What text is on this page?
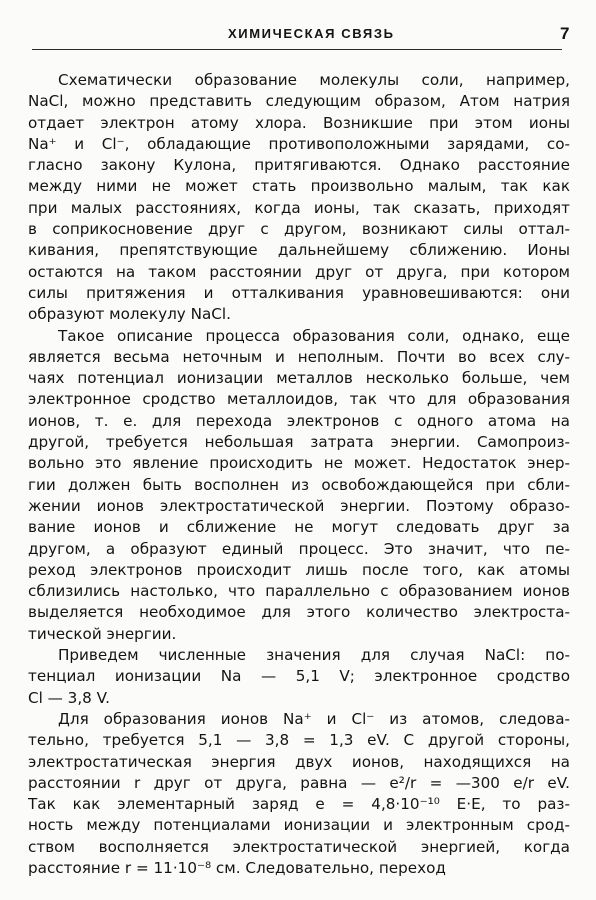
ХИМИЧЕСКАЯ СВЯЗЬ	7
Схематически образование молекулы соли, например,
NaCl, можно представить следующим образом, Атом натрия
отдает электрон атому хлора. Возникшие при этом ионы
Na⁺ и Cl⁻, обладающие противоположными зарядами, со-
гласно закону Кулона, притягиваются. Однако расстояние
между ними не может стать произвольно малым, так как
при малых расстояниях, когда ионы, так сказать, приходят
в соприкосновение друг с другом, возникают силы оттал-
кивания, препятствующие дальнейшему сближению. Ионы
остаются на таком расстоянии друг от друга, при котором
силы притяжения и отталкивания уравновешиваются: они
образуют молекулу NaCl.
Такое описание процесса образования соли, однако, еще
является весьма неточным и неполным. Почти во всех слу-
чаях потенциал ионизации металлов несколько больше, чем
электронное сродство металлоидов, так что для образования
ионов, т. е. для перехода электронов с одного атома на
другой, требуется небольшая затрата энергии. Самопроиз-
вольно это явление происходить не может. Недостаток энер-
гии должен быть восполнен из освобождающейся при сбли-
жении ионов электростатической энергии. Поэтому образо-
вание ионов и сближение не могут следовать друг за
другом, а образуют единый процесс. Это значит, что пе-
реход электронов происходит лишь после того, как атомы
сблизились настолько, что параллельно с образованием ионов
выделяется необходимое для этого количество электроста-
тической энергии.
Приведем численные значения для случая NaCl: по-
тенциал ионизации Na — 5,1 V; электронное сродство
Cl — 3,8 V.
Для образования ионов Na⁺ и Cl⁻ из атомов, следова-
тельно, требуется 5,1 — 3,8 = 1,3 eV. С другой стороны,
электростатическая энергия двух ионов, находящихся на
расстоянии r друг от друга, равна — e²/r = —300 e/r eV.
Так как элементарный заряд e = 4,8·10⁻¹⁰ E·E, то раз-
ность между потенциалами ионизации и электронным срод-
ством восполняется электростатической энергией, когда
расстояние r = 11·10⁻⁸ см. Следовательно, переход
